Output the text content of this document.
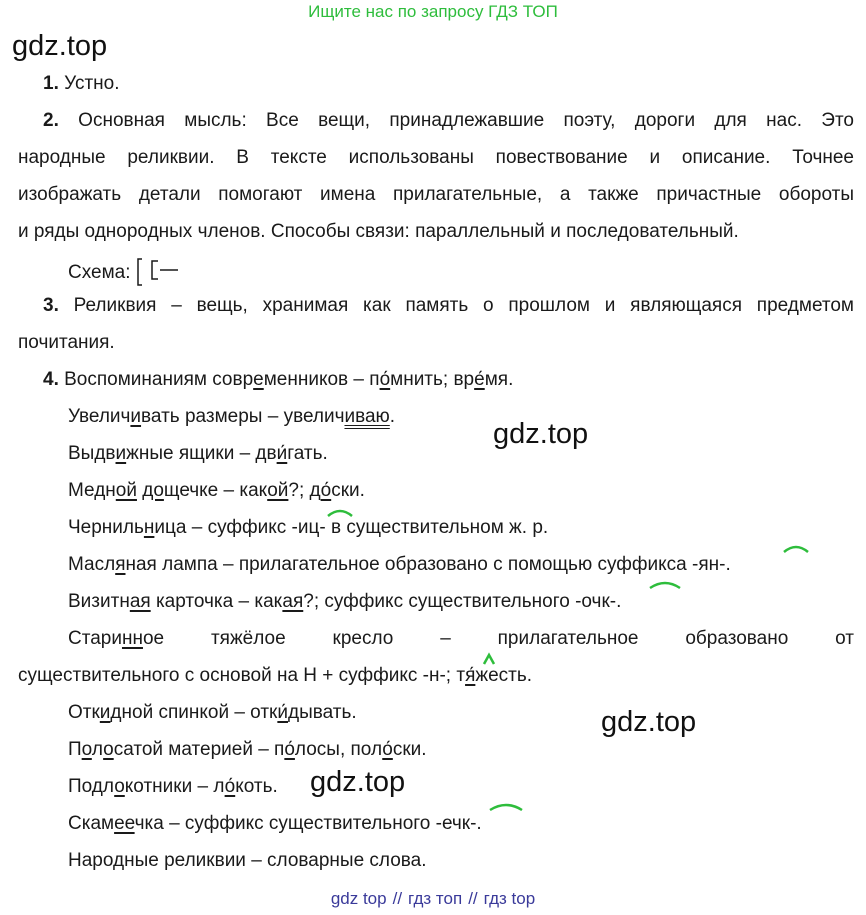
Ищите нас по запросу ГДЗ ТОП
gdz.top
gdz.top
gdz.top
gdz.top
1. Устно.
2. Основная мысль: Все вещи, принадлежавшие поэту, дороги для нас. Это
народные реликвии. В тексте использованы повествование и описание. Точнее
изображать детали помогают имена прилагательные, а также причастные обороты
и ряды однородных членов. Способы связи: параллельный и последовательный.
Схема:
3. Реликвия – вещь, хранимая как память о прошлом и являющаяся предметом
почитания.
4. Воспоминаниям современников – по́мнить; вре́мя.
Увеличивать размеры – увеличиваю.
Выдвижные ящики – дви́гать.
Медной дощечке – какой?; до́ски.
Чернильница – суффикс -иц- в существительном ж. р.
Масляная лампа – прилагательное образовано с помощью суффикса -ян-.
Визитная карточка – какая?; суффикс существительного -очк-.
Старинное тяжёлое кресло – прилагательное образовано от
существительного с основой на Н + суффикс -н-; тя́жесть.
Откидной спинкой – отки́дывать.
Полосатой материей – по́лосы, поло́ски.
Подлокотники – ло́коть.
Скамеечка – суффикс существительного -ечк-.
Народные реликвии – словарные слова.
gdz top // гдз топ // гдз top
